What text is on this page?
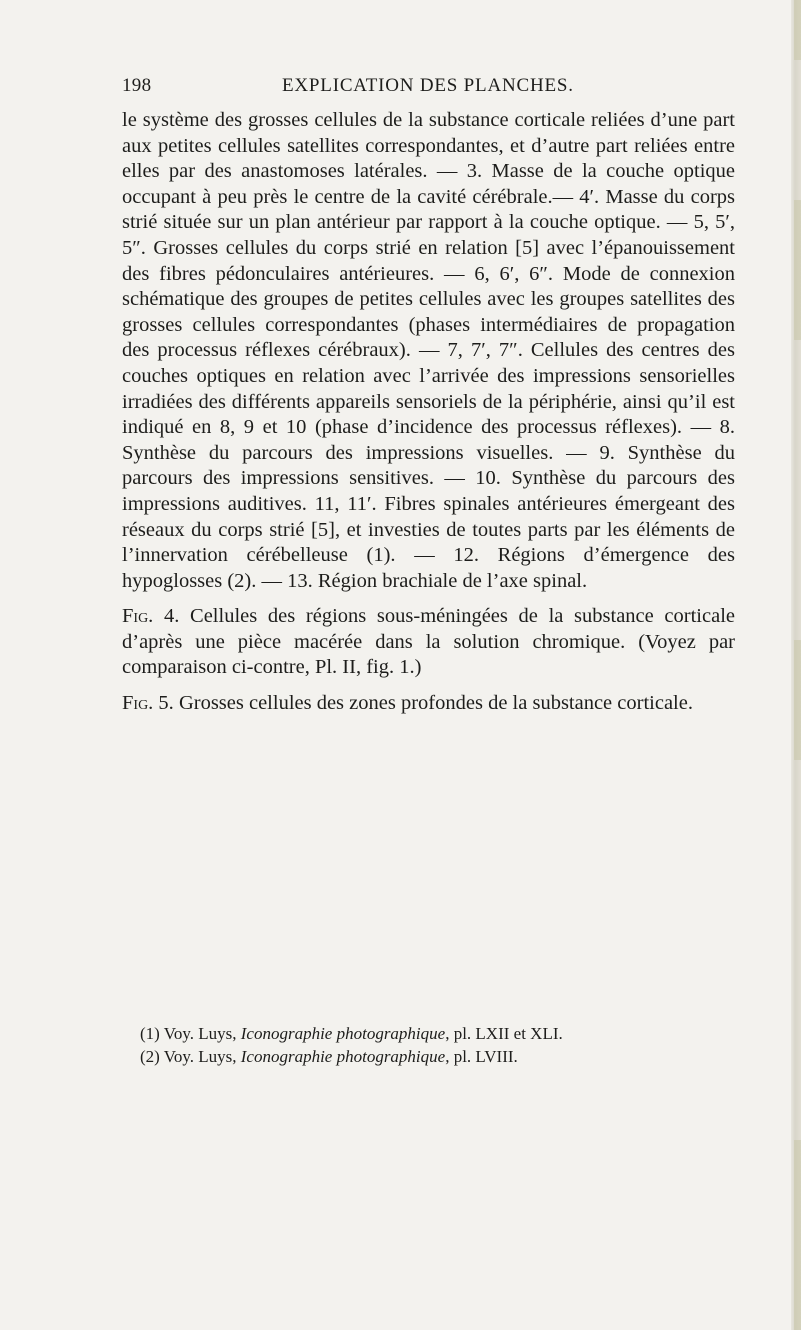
198	EXPLICATION DES PLANCHES.

le système des grosses cellules de la substance corticale reliées d’une part aux petites cellules satellites correspondantes, et d’autre part reliées entre elles par des anastomoses latérales. — 3. Masse de la couche optique occupant à peu près le centre de la cavité cérébrale.— 4′. Masse du corps strié située sur un plan antérieur par rapport à la couche optique. — 5, 5′, 5″. Grosses cellules du corps strié en relation [5] avec l’épanouissement des fibres pédonculaires antérieures. — 6, 6′, 6″. Mode de connexion schématique des groupes de petites cellules avec les groupes satellites des grosses cellules correspondantes (phases intermédiaires de propagation des processus réflexes cérébraux). — 7, 7′, 7″. Cellules des centres des couches optiques en relation avec l’arrivée des impressions sensorielles irradiées des différents appareils sensoriels de la périphérie, ainsi qu’il est indiqué en 8, 9 et 10 (phase d’incidence des processus réflexes). — 8. Synthèse du parcours des impressions visuelles. — 9. Synthèse du parcours des impressions sensitives. — 10. Synthèse du parcours des impressions auditives. 11, 11′. Fibres spinales antérieures émergeant des réseaux du corps strié [5], et investies de toutes parts par les éléments de l’innervation cérébelleuse (1). — 12. Régions d’émergence des hypoglosses (2). — 13. Région brachiale de l’axe spinal.

Fig. 4. Cellules des régions sous-méningées de la substance corticale d’après une pièce macérée dans la solution chromique. (Voyez par comparaison ci-contre, Pl. II, fig. 1.)

Fig. 5. Grosses cellules des zones profondes de la substance corticale.

(1) Voy. Luys, Iconographie photographique, pl. LXII et XLI.

(2) Voy. Luys, Iconographie photographique, pl. LVIII.
